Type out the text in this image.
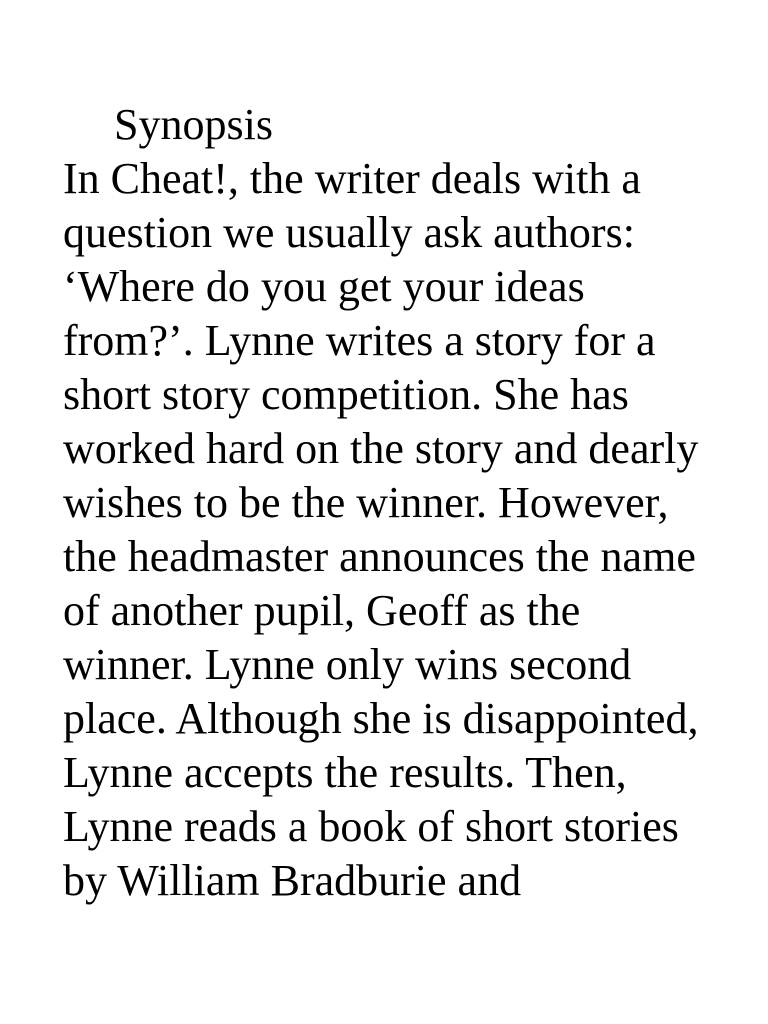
Synopsis
In Cheat!, the writer deals with a
question we usually ask authors:
‘Where do you get your ideas
from?’. Lynne writes a story for a
short story competition. She has
worked hard on the story and dearly
wishes to be the winner. However,
the headmaster announces the name
of another pupil, Geoff as the
winner. Lynne only wins second
place. Although she is disappointed,
Lynne accepts the results. Then,
Lynne reads a book of short stories
by William Bradburie and
